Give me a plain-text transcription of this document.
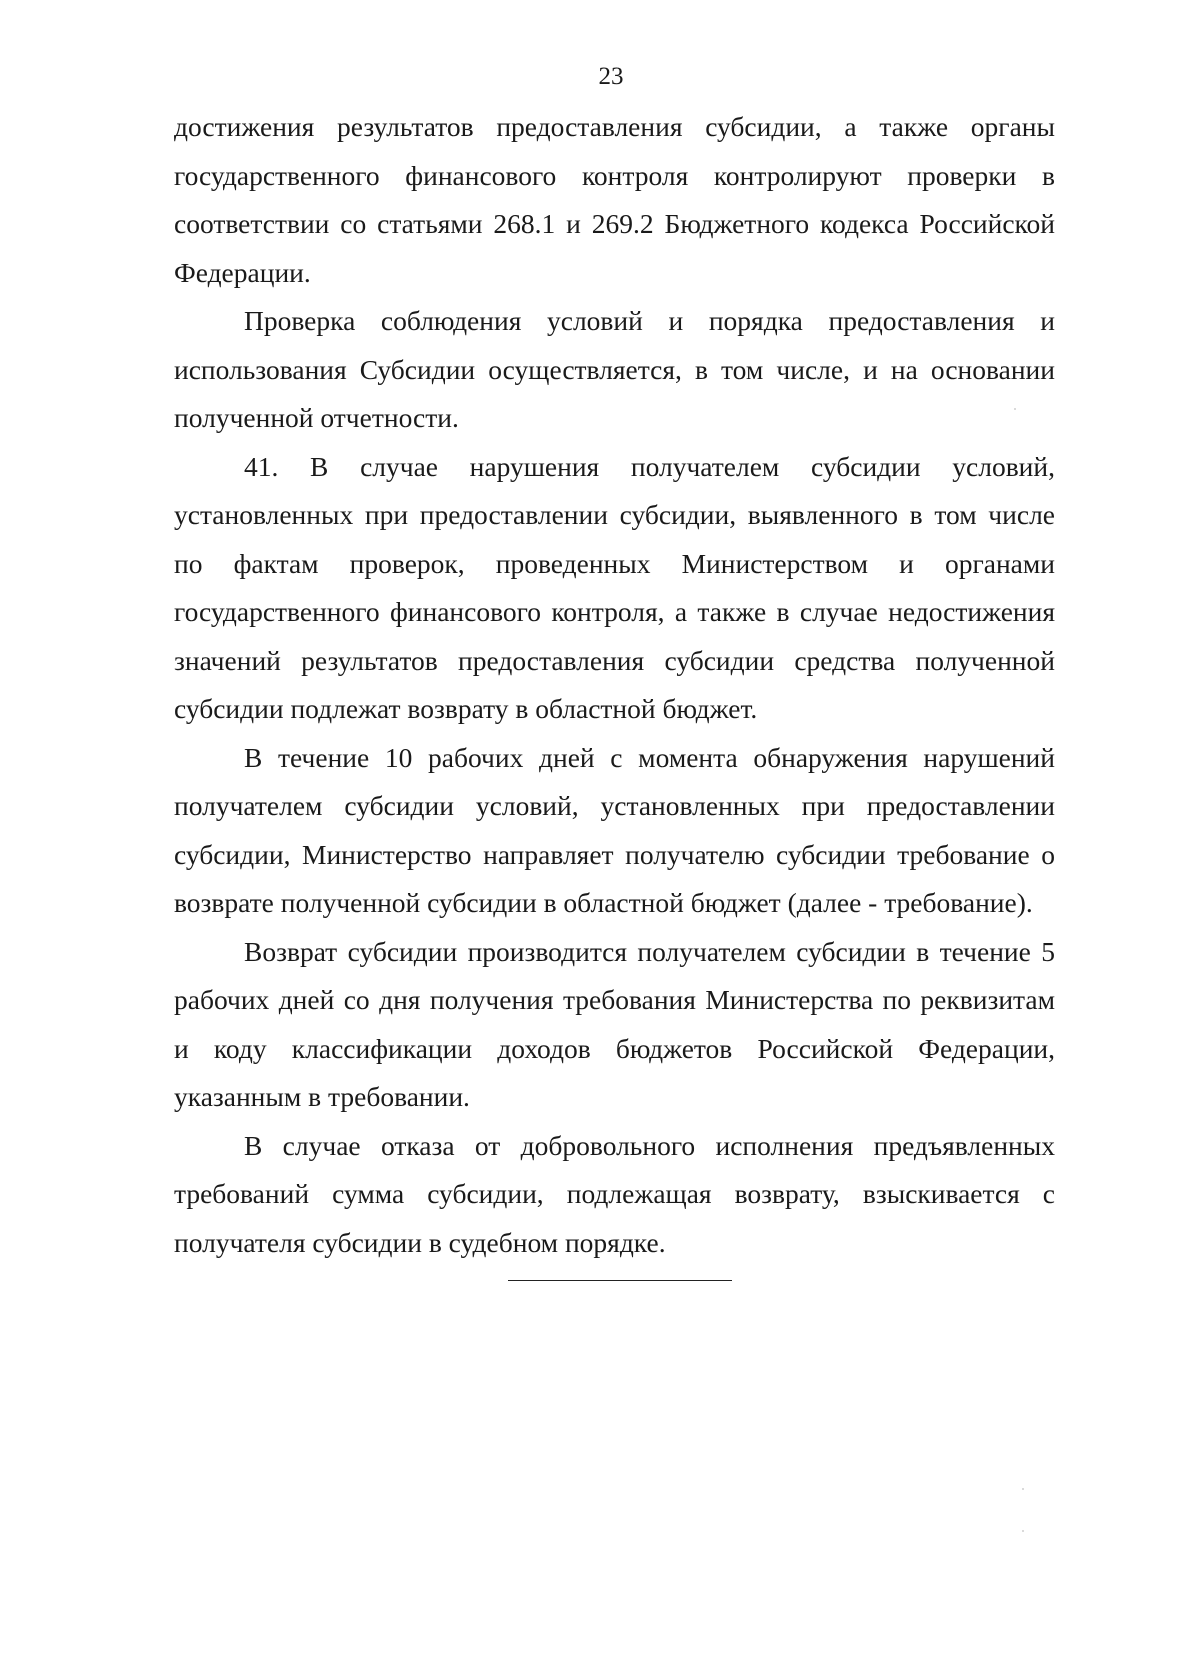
23

достижения результатов предоставления субсидии, а также органы государственного финансового контроля контролируют проверки в соответствии со статьями 268.1 и 269.2 Бюджетного кодекса Российской Федерации.

Проверка соблюдения условий и порядка предоставления и использования Субсидии осуществляется, в том числе, и на основании полученной отчетности.

41. В случае нарушения получателем субсидии условий, установленных при предоставлении субсидии, выявленного в том числе по фактам проверок, проведенных Министерством и органами государственного финансового контроля, а также в случае недостижения значений результатов предоставления субсидии средства полученной субсидии подлежат возврату в областной бюджет.

В течение 10 рабочих дней с момента обнаружения нарушений получателем субсидии условий, установленных при предоставлении субсидии, Министерство направляет получателю субсидии требование о возврате полученной субсидии в областной бюджет (далее - требование).

Возврат субсидии производится получателем субсидии в течение 5 рабочих дней со дня получения требования Министерства по реквизитам и коду классификации доходов бюджетов Российской Федерации, указанным в требовании.

В случае отказа от добровольного исполнения предъявленных требований сумма субсидии, подлежащая возврату, взыскивается с получателя субсидии в судебном порядке.
